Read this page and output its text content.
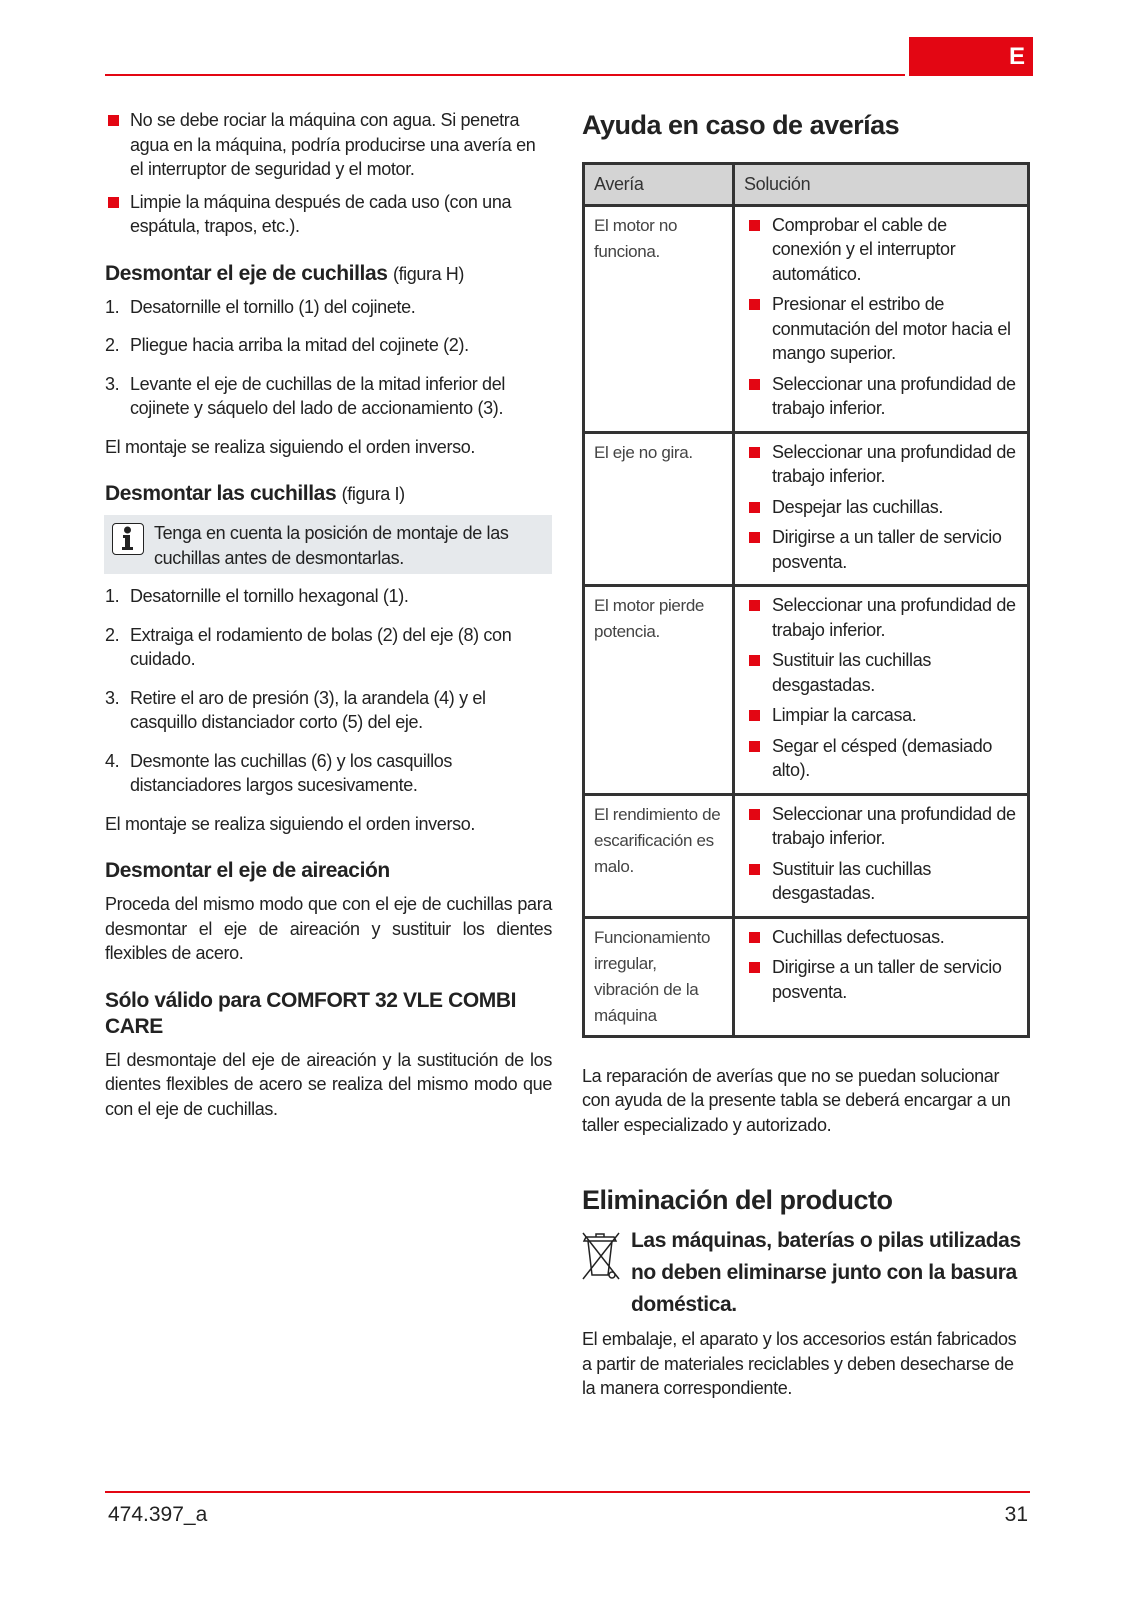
E
No se debe rociar la máquina con agua. Si penetra agua en la máquina, podría producirse una avería en el interruptor de seguridad y el motor.
Limpie la máquina después de cada uso (con una espátula, trapos, etc.).
Desmontar el eje de cuchillas (figura H)
1. Desatornille el tornillo (1) del cojinete.
2. Pliegue hacia arriba la mitad del cojinete (2).
3. Levante el eje de cuchillas de la mitad inferior del cojinete y sáquelo del lado de accionamiento (3).

El montaje se realiza siguiendo el orden inverso.

Desmontar las cuchillas (figura I)
Tenga en cuenta la posición de montaje de las cuchillas antes de desmontarlas.
1. Desatornille el tornillo hexagonal (1).
2. Extraiga el rodamiento de bolas (2) del eje (8) con cuidado.
3. Retire el aro de presión (3), la arandela (4) y el casquillo distanciador corto (5) del eje.
4. Desmonte las cuchillas (6) y los casquillos distanciadores largos sucesivamente.

El montaje se realiza siguiendo el orden inverso.

Desmontar el eje de aireación

Proceda del mismo modo que con el eje de cuchillas para desmontar el eje de aireación y sustituir los dientes flexibles de acero.

Sólo válido para COMFORT 32 VLE COMBI CARE

El desmontaje del eje de aireación y la sustitución de los dientes flexibles de acero se realiza del mismo modo que con el eje de cuchillas.

Ayuda en caso de averías
Avería	Solución
El motor no funciona.	Comprobar el cable de conexión y el interruptor automático.
Presionar el estribo de conmutación del motor hacia el mango superior.
Seleccionar una profundidad de trabajo inferior.

El eje no gira.	Seleccionar una profundidad de trabajo inferior.
Despejar las cuchillas.
Dirigirse a un taller de servicio posventa.

El motor pierde potencia.	Seleccionar una profundidad de trabajo inferior.
Sustituir las cuchillas desgastadas.
Limpiar la carcasa.
Segar el césped (demasiado alto).

El rendimiento de escarificación es malo.	Seleccionar una profundidad de trabajo inferior.
Sustituir las cuchillas desgastadas.

Funcionamiento irregular, vibración de la máquina	Cuchillas defectuosas.
Dirigirse a un taller de servicio posventa.

La reparación de averías que no se puedan solucionar con ayuda de la presente tabla se deberá encargar a un taller especializado y autorizado.

Eliminación del producto
Las máquinas, baterías o pilas utilizadas no deben eliminarse junto con la basura doméstica.

El embalaje, el aparato y los accesorios están fabricados a partir de materiales reciclables y deben desecharse de la manera correspondiente.

474.397_a	31
